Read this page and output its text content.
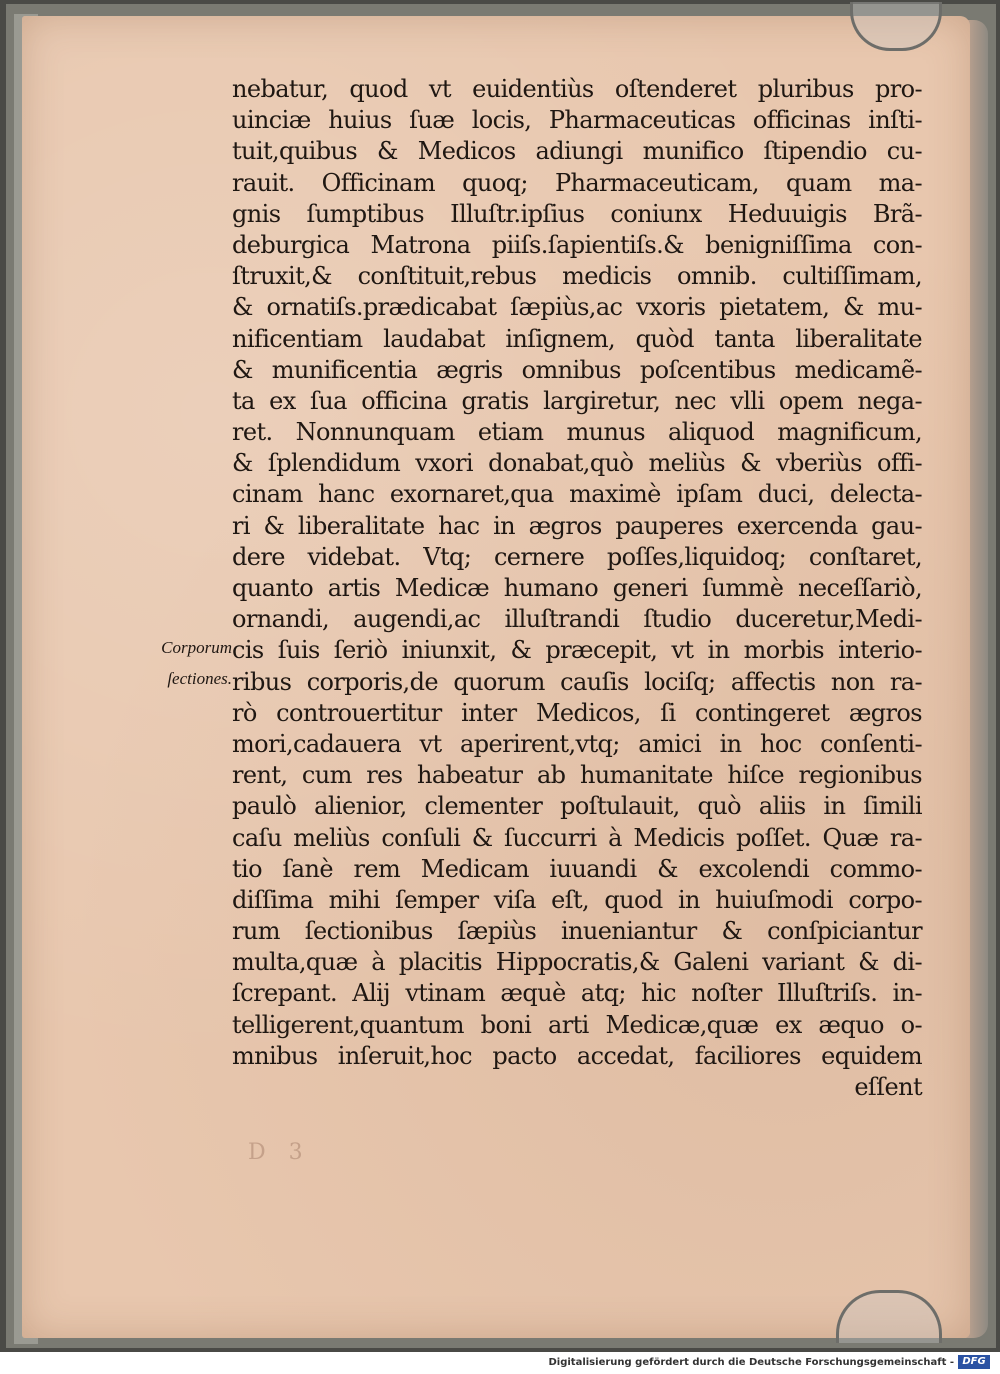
Corporum
ſectiones.
nebatur, quod vt euidentiùs oſtenderet pluribus pro-
uinciæ huius ſuæ locis, Pharmaceuticas officinas inſti-
tuit,quibus & Medicos adiungi munifico ſtipendio cu-
rauit. Officinam quoq; Pharmaceuticam, quam ma-
gnis ſumptibus Illuſtr.ipſius coniunx Heduuigis Brã-
deburgica Matrona piiſs.ſapientiſs.& benigniſſima con-
ſtruxit,& conſtituit,rebus medicis omnib. cultiſſimam,
& ornatiſs.prædicabat ſæpiùs,ac vxoris pietatem, & mu-
nificentiam laudabat inſignem, quòd tanta liberalitate
& munificentia ægris omnibus poſcentibus medicamẽ-
ta ex ſua officina gratis largiretur, nec vlli opem nega-
ret. Nonnunquam etiam munus aliquod magnificum,
& ſplendidum vxori donabat,quò meliùs & vberiùs offi-
cinam hanc exornaret,qua maximè ipſam duci, delecta-
ri & liberalitate hac in ægros pauperes exercenda gau-
dere videbat. Vtq; cernere poſſes,liquidoq; conſtaret,
quanto artis Medicæ humano generi ſummè neceſſariò,
ornandi, augendi,ac illuſtrandi ſtudio duceretur,Medi-
cis ſuis ſeriò iniunxit, & præcepit, vt in morbis interio-
ribus corporis,de quorum cauſis lociſq; affectis non ra-
rò controuertitur inter Medicos, ſi contingeret ægros
mori,cadauera vt aperirent,vtq; amici in hoc conſenti-
rent, cum res habeatur ab humanitate hiſce regionibus
paulò alienior, clementer poſtulauit, quò aliis in ſimili
caſu meliùs conſuli & ſuccurri à Medicis poſſet. Quæ ra-
tio ſanè rem Medicam iuuandi & excolendi commo-
diſſima mihi ſemper viſa eſt, quod in huiuſmodi corpo-
rum ſectionibus ſæpiùs inueniantur & conſpiciantur
multa,quæ à placitis Hippocratis,& Galeni variant & di-
ſcrepant. Alij vtinam æquè atq; hic noſter Illuſtriſs. in-
telligerent,quantum boni arti Medicæ,quæ ex æquo o-
mnibus inſeruit,hoc pacto accedat, faciliores equidem
eſſent
D 3
Digitalisierung gefördert durch die Deutsche Forschungsgemeinschaft - DFG
